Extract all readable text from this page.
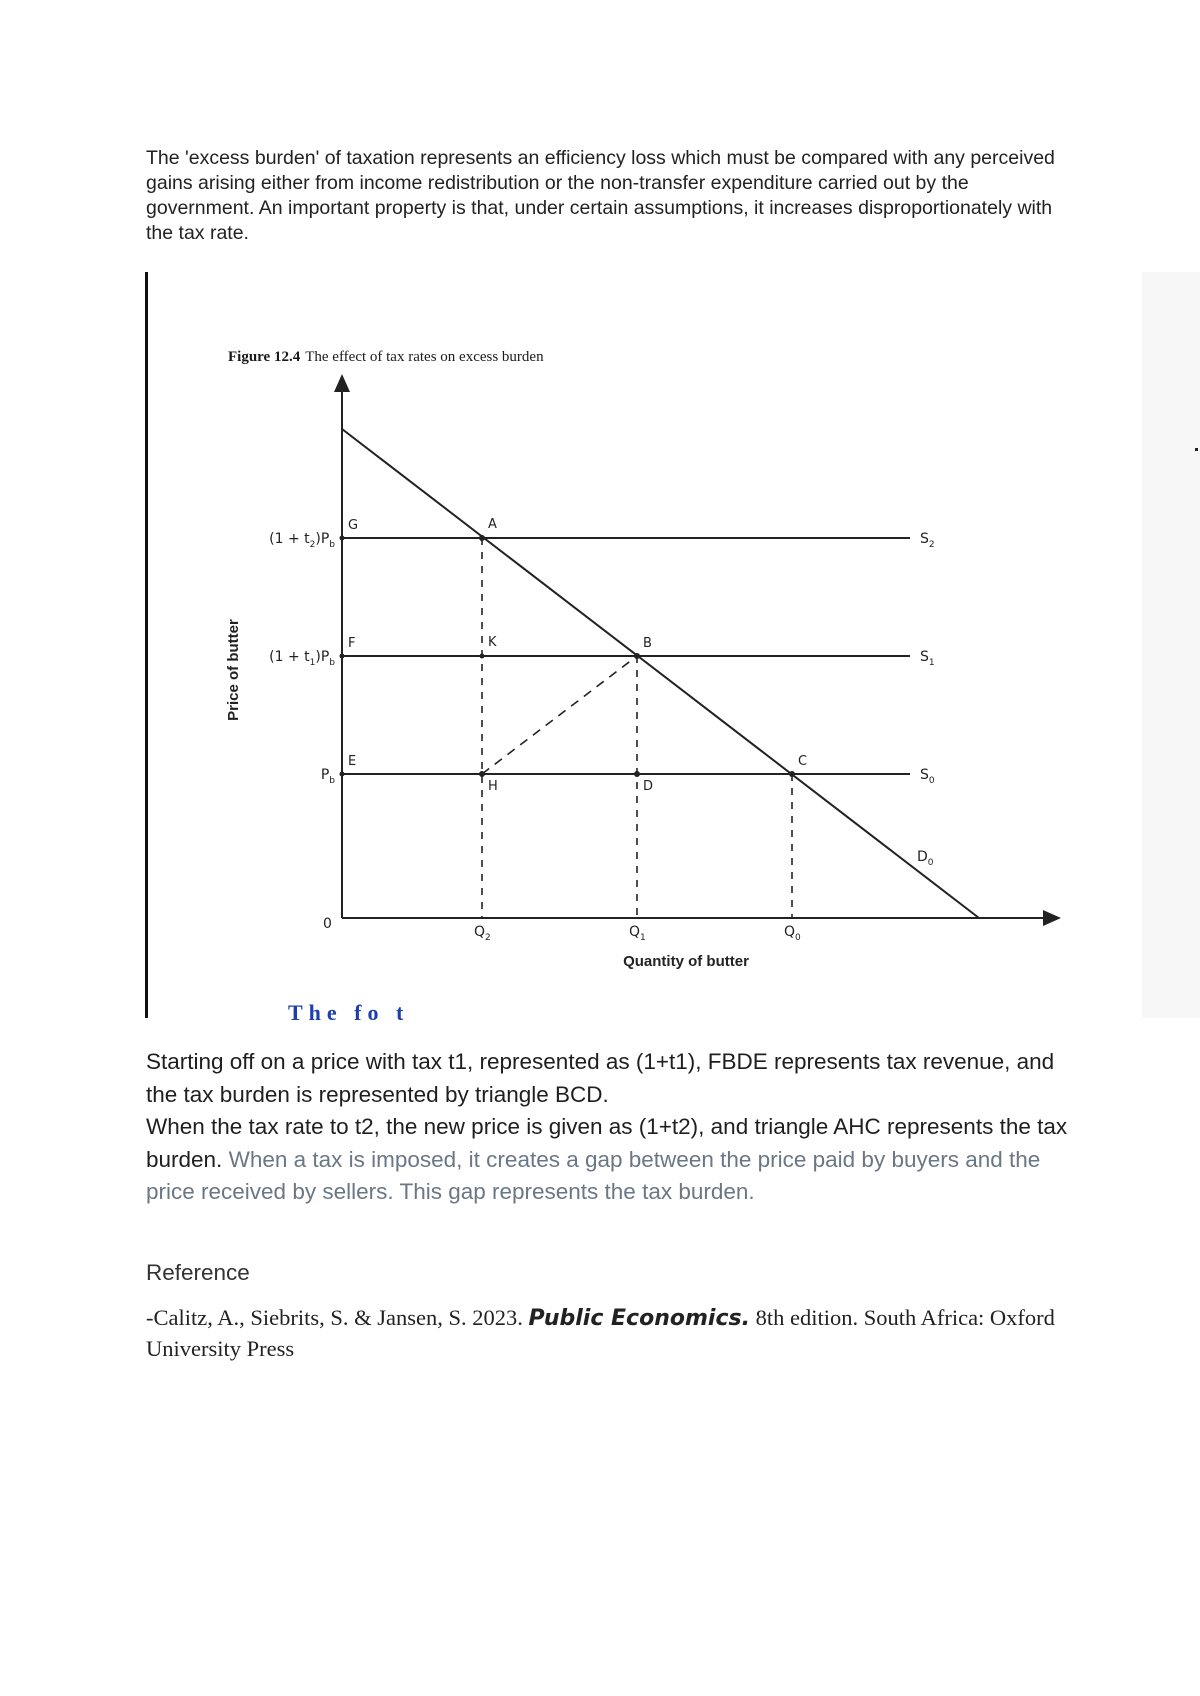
The 'excess burden' of taxation represents an efficiency loss which must be compared with any perceived gains arising either from income redistribution or the non-transfer expenditure carried out by the government. An important property is that, under certain assumptions, it increases disproportionately with the tax rate.

Figure 12.4 The effect of tax rates on excess burden
Price of butter
$(1 + t_2)P_b$
$(1 + t_1)P_b$
$P_b$
0
G
F
E
A
K	B
H	D
C
$S_2$
$S_1$
$S_0$
$D_0$
$Q_2$	$Q_1$	$Q_0$
Quantity of butter
The fo t

Starting off on a price with tax t1, represented as (1+t1), FBDE represents tax revenue, and the tax burden is represented by triangle BCD.
When the tax rate to t2, the new price is given as (1+t2), and triangle AHC represents the tax burden. When a tax is imposed, it creates a gap between the price paid by buyers and the price received by sellers. This gap represents the tax burden.

Reference

-Calitz, A., Siebrits, S. & Jansen, S. 2023. Public Economics. 8th edition. South Africa: Oxford University Press
